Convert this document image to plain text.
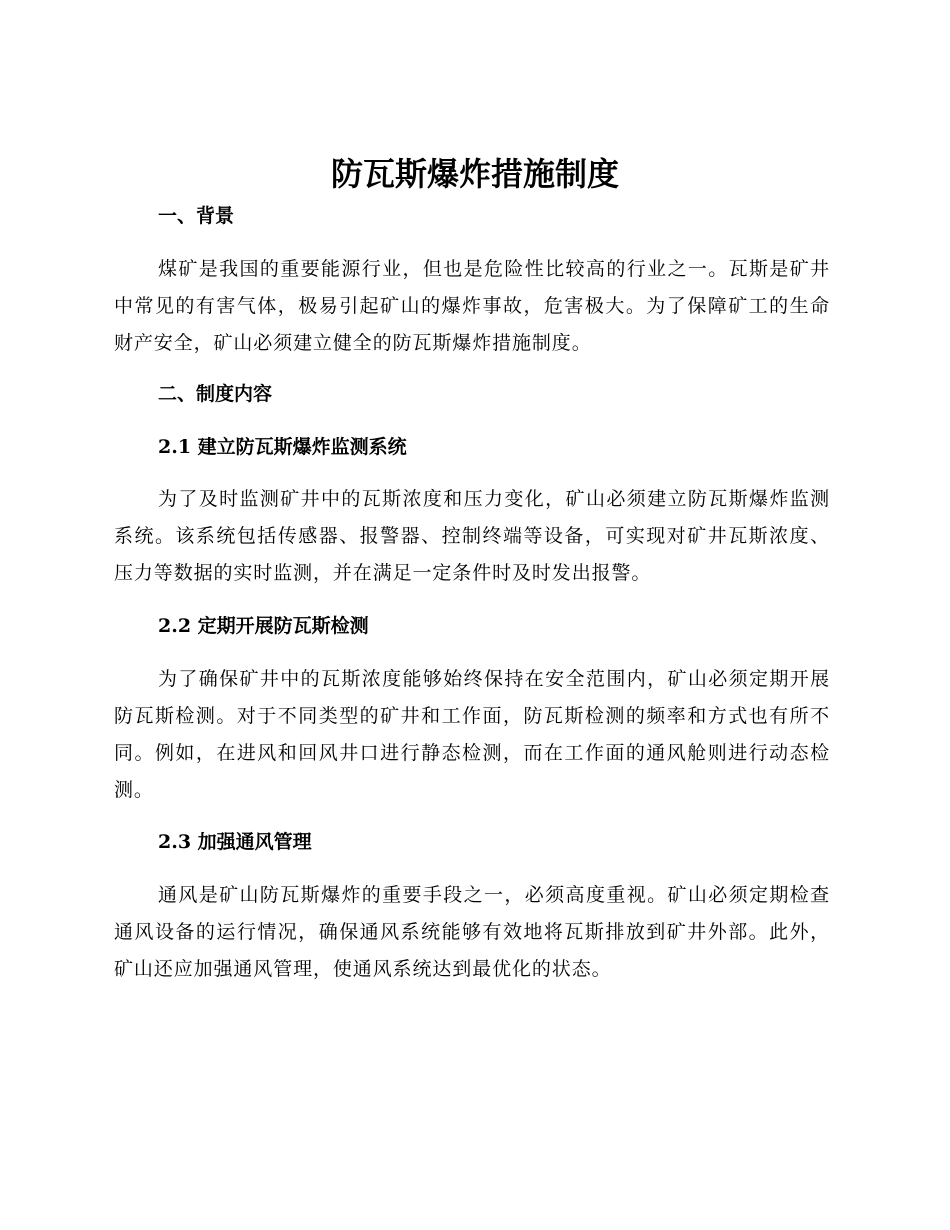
防瓦斯爆炸措施制度
一、背景

煤矿是我国的重要能源行业，但也是危险性比较高的行业之一。瓦斯是矿井中常见的有害气体，极易引起矿山的爆炸事故，危害极大。为了保障矿工的生命财产安全，矿山必须建立健全的防瓦斯爆炸措施制度。

二、制度内容
2.1 建立防瓦斯爆炸监测系统

为了及时监测矿井中的瓦斯浓度和压力变化，矿山必须建立防瓦斯爆炸监测系统。该系统包括传感器、报警器、控制终端等设备，可实现对矿井瓦斯浓度、压力等数据的实时监测，并在满足一定条件时及时发出报警。

2.2 定期开展防瓦斯检测

为了确保矿井中的瓦斯浓度能够始终保持在安全范围内，矿山必须定期开展防瓦斯检测。对于不同类型的矿井和工作面，防瓦斯检测的频率和方式也有所不同。例如，在进风和回风井口进行静态检测，而在工作面的通风舱则进行动态检测。

2.3 加强通风管理

通风是矿山防瓦斯爆炸的重要手段之一，必须高度重视。矿山必须定期检查通风设备的运行情况，确保通风系统能够有效地将瓦斯排放到矿井外部。此外，矿山还应加强通风管理，使通风系统达到最优化的状态。
